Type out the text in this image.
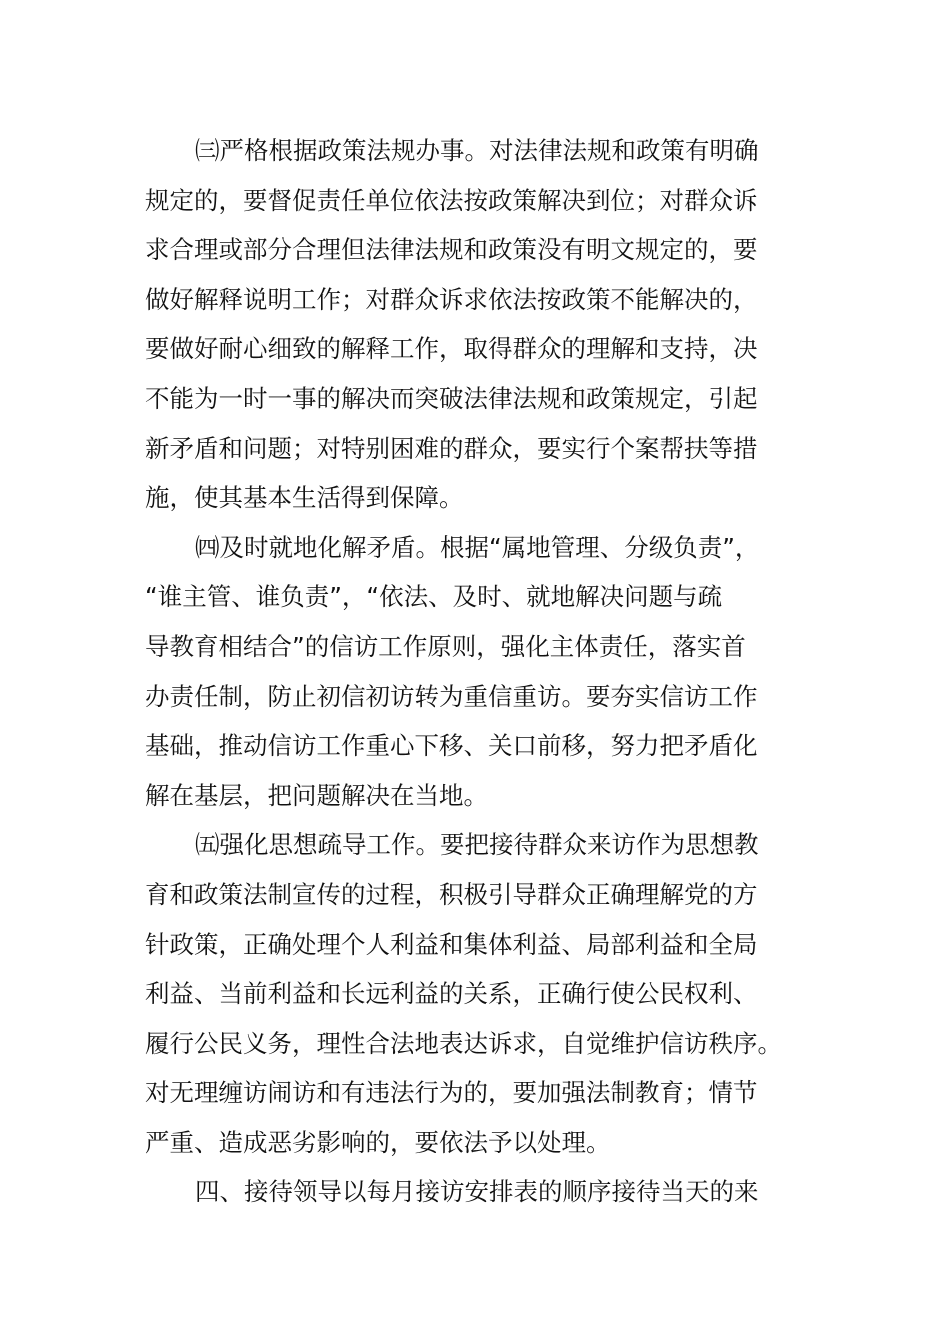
㈢严格根据政策法规办事。对法律法规和政策有明确
规定的，要督促责任单位依法按政策解决到位；对群众诉
求合理或部分合理但法律法规和政策没有明文规定的，要
做好解释说明工作；对群众诉求依法按政策不能解决的，
要做好耐心细致的解释工作，取得群众的理解和支持，决
不能为一时一事的解决而突破法律法规和政策规定，引起
新矛盾和问题；对特别困难的群众，要实行个案帮扶等措
施，使其基本生活得到保障。
㈣及时就地化解矛盾。根据“属地管理、分级负责”，
“谁主管、谁负责”，“依法、及时、就地解决问题与疏
导教育相结合”的信访工作原则，强化主体责任，落实首
办责任制，防止初信初访转为重信重访。要夯实信访工作
基础，推动信访工作重心下移、关口前移，努力把矛盾化
解在基层，把问题解决在当地。
㈤强化思想疏导工作。要把接待群众来访作为思想教
育和政策法制宣传的过程，积极引导群众正确理解党的方
针政策，正确处理个人利益和集体利益、局部利益和全局
利益、当前利益和长远利益的关系，正确行使公民权利、
履行公民义务，理性合法地表达诉求，自觉维护信访秩序。
对无理缠访闹访和有违法行为的，要加强法制教育；情节
严重、造成恶劣影响的，要依法予以处理。
四、接待领导以每月接访安排表的顺序接待当天的来
